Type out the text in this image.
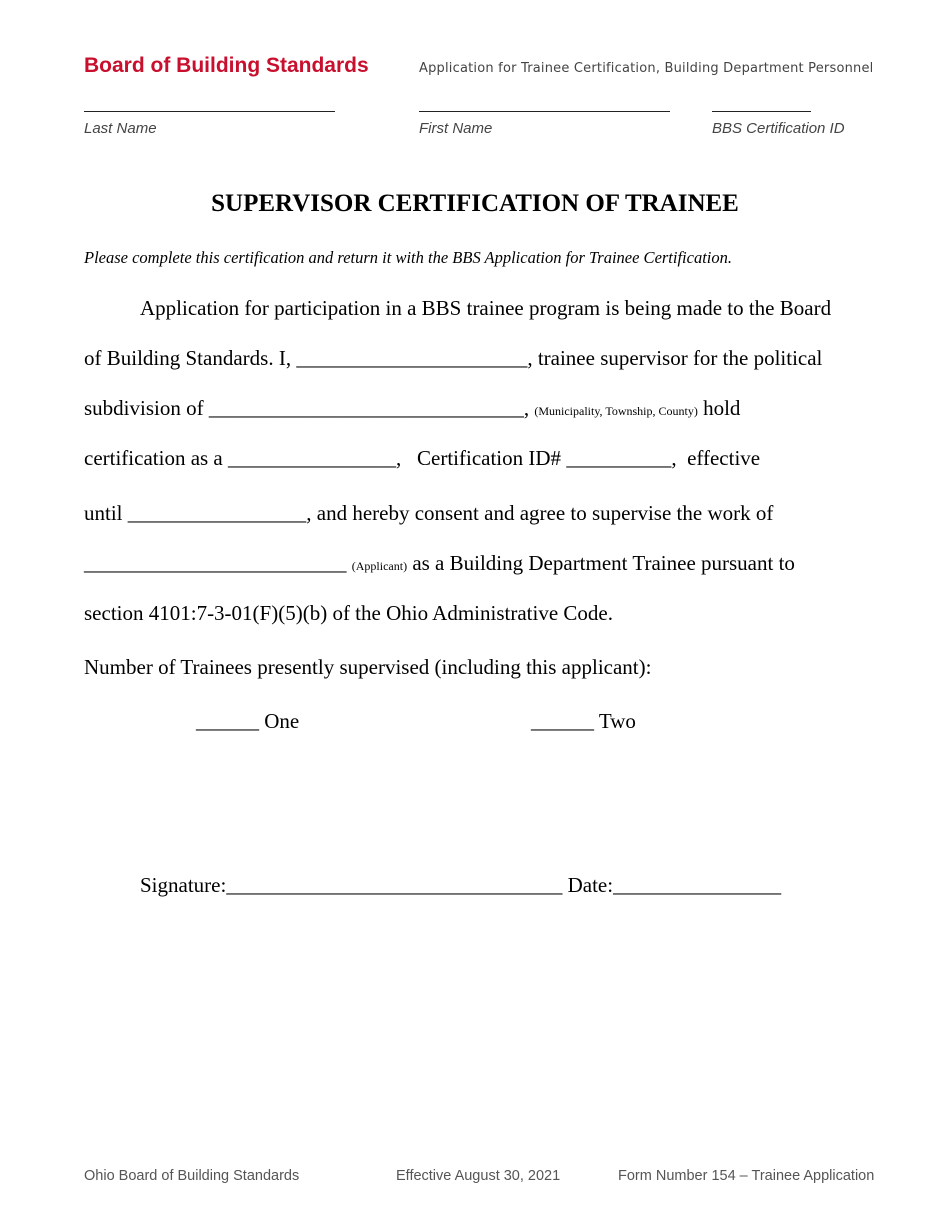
Board of Building Standards	Application for Trainee Certification, Building Department Personnel
Last Name	First Name	BBS Certification ID
SUPERVISOR CERTIFICATION OF TRAINEE
Please complete this certification and return it with the BBS Application for Trainee Certification.
Application for participation in a BBS trainee program is being made to the Board
of Building Standards. I, ______________________, trainee supervisor for the political
subdivision of ______________________________, (Municipality, Township, County) hold
certification as a ________________,   Certification ID# __________,  effective
until _________________, and hereby consent and agree to supervise the work of
_________________________ (Applicant) as a Building Department Trainee pursuant to
section 4101:7-3-01(F)(5)(b) of the Ohio Administrative Code.
Number of Trainees presently supervised (including this applicant):
______ One	______ Two
Signature:________________________________ Date:________________
Ohio Board of Building Standards	Effective August 30, 2021	Form Number 154 – Trainee Application
